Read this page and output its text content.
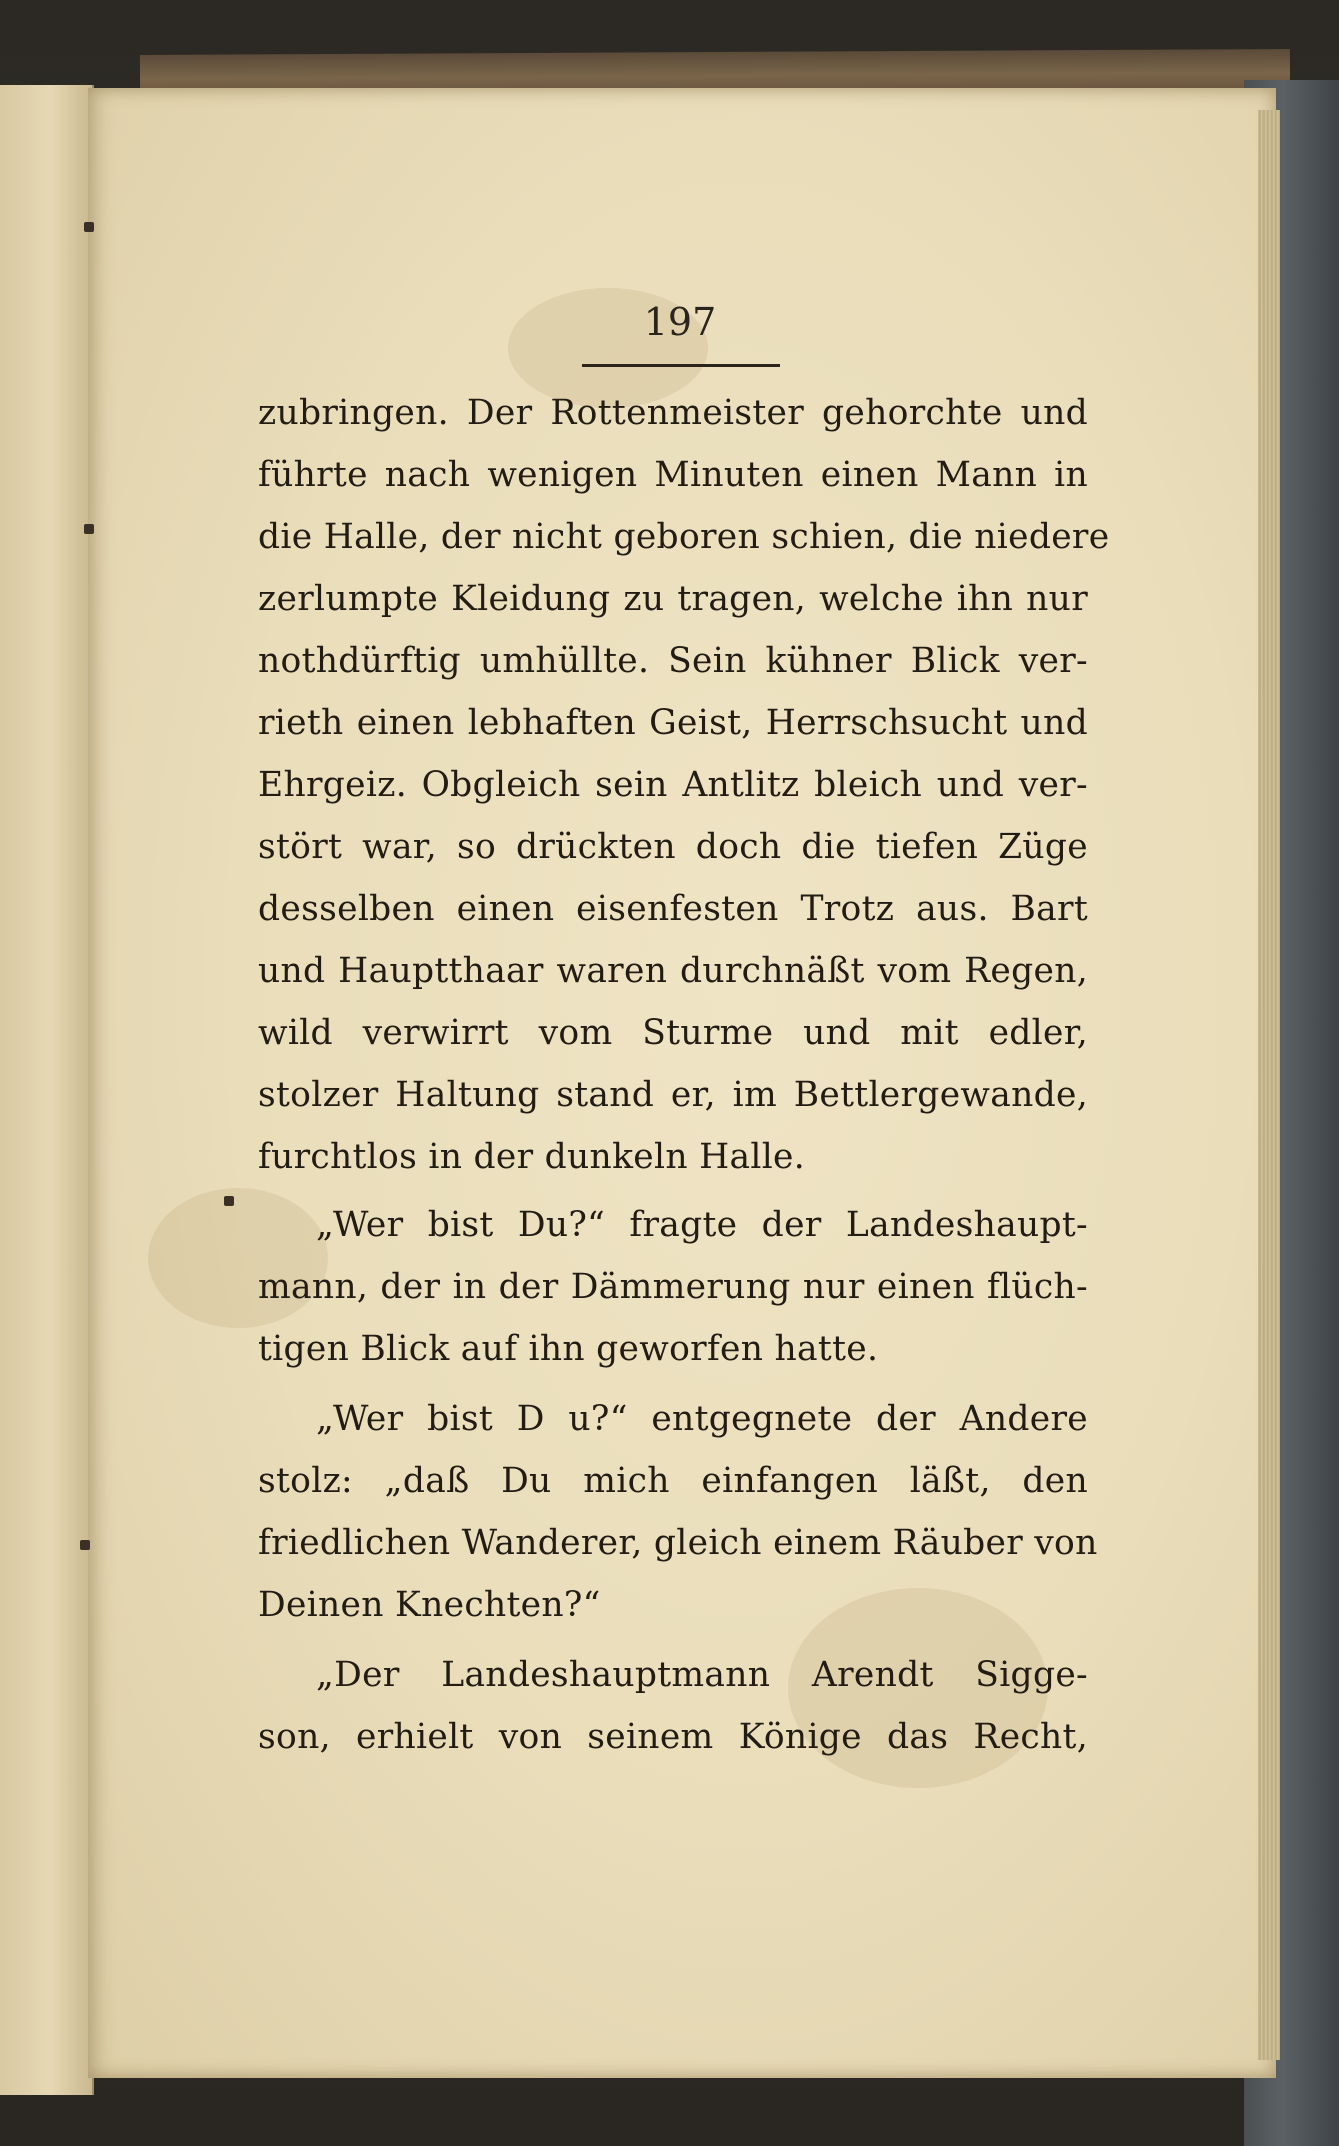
197
zubringen. Der Rottenmeister gehorchte und
führte nach wenigen Minuten einen Mann in
die Halle, der nicht geboren schien, die niedere
zerlumpte Kleidung zu tragen, welche ihn nur
nothdürftig umhüllte. Sein kühner Blick ver-
rieth einen lebhaften Geist, Herrschsucht und
Ehrgeiz. Obgleich sein Antlitz bleich und ver-
stört war, so drückten doch die tiefen Züge
desselben einen eisenfesten Trotz aus. Bart
und Hauptthaar waren durchnäßt vom Regen,
wild verwirrt vom Sturme und mit edler,
stolzer Haltung stand er, im Bettlergewande,
furchtlos in der dunkeln Halle.
„Wer bist Du?“ fragte der Landeshaupt-
mann, der in der Dämmerung nur einen flüch-
tigen Blick auf ihn geworfen hatte.
„Wer bist D u?“ entgegnete der Andere
stolz: „daß Du mich einfangen läßt, den
friedlichen Wanderer, gleich einem Räuber von
Deinen Knechten?“
„Der Landeshauptmann Arendt Sigge-
son, erhielt von seinem Könige das Recht,
